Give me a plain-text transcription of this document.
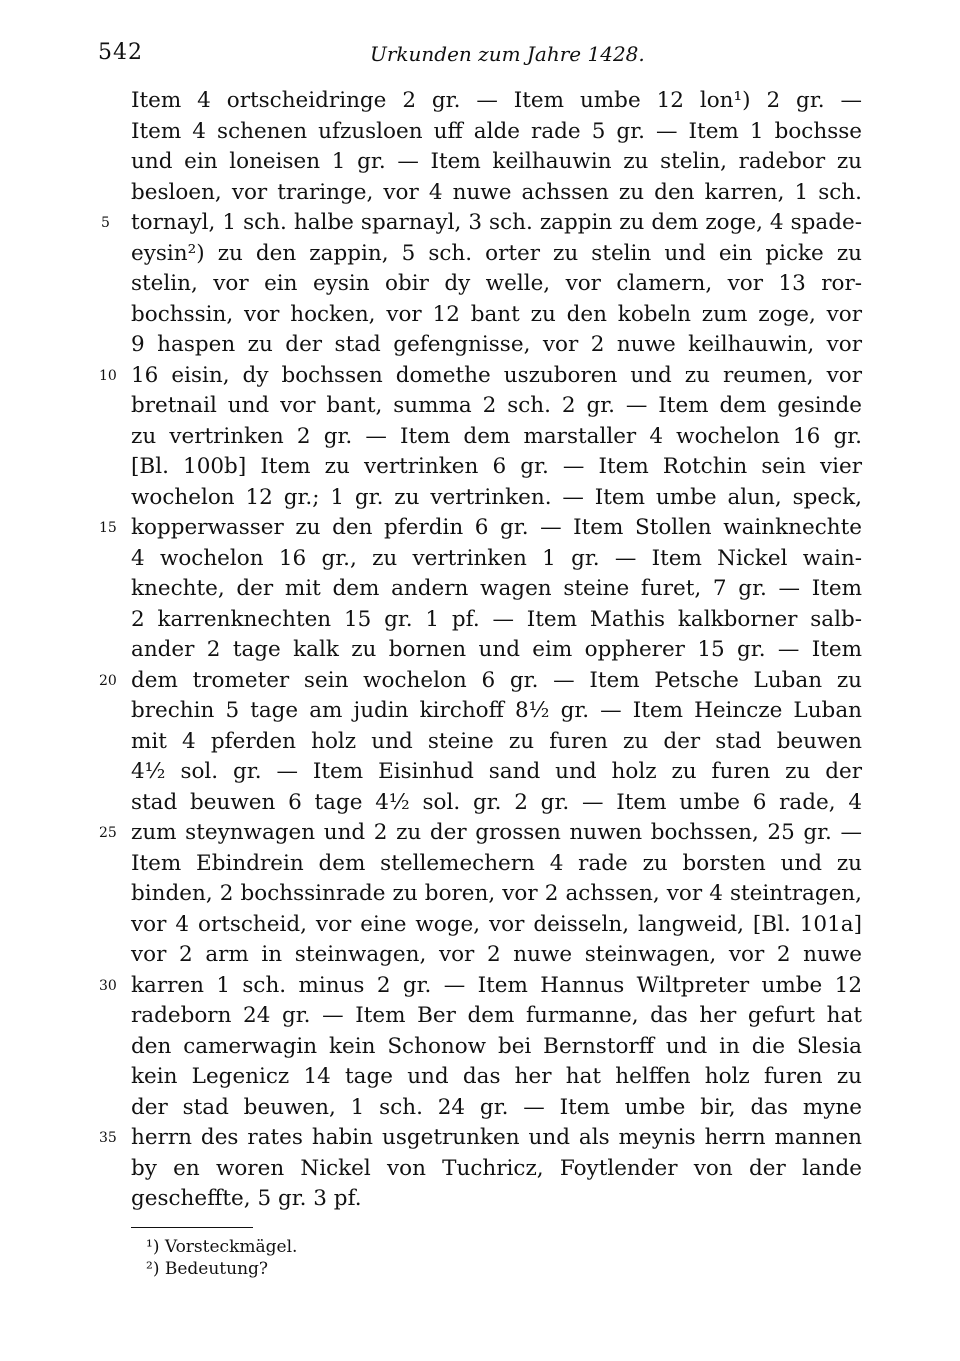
542	Urkunden zum Jahre 1428.
Item 4 ortscheidringe 2 gr. — Item umbe 12 lon¹) 2 gr. —
Item 4 schenen ufzusloen uff alde rade 5 gr. — Item 1 bochsse
und ein loneisen 1 gr. — Item keilhauwin zu stelin, radebor zu
besloen, vor traringe, vor 4 nuwe achssen zu den karren, 1 sch.
tornayl, 1 sch. halbe sparnayl, 3 sch. zappin zu dem zoge, 4 spade-
eysin²) zu den zappin, 5 sch. orter zu stelin und ein picke zu
stelin, vor ein eysin obir dy welle, vor clamern, vor 13 ror-
bochssin, vor hocken, vor 12 bant zu den kobeln zum zoge, vor
9 haspen zu der stad gefengnisse, vor 2 nuwe keilhauwin, vor
16 eisin, dy bochssen domethe uszuboren und zu reumen, vor
bretnail und vor bant, summa 2 sch. 2 gr. — Item dem gesinde
zu vertrinken 2 gr. — Item dem marstaller 4 wochelon 16 gr.
[Bl. 100b] Item zu vertrinken 6 gr. — Item Rotchin sein vier
wochelon 12 gr.; 1 gr. zu vertrinken. — Item umbe alun, speck,
kopperwasser zu den pferdin 6 gr. — Item Stollen wainknechte
4 wochelon 16 gr., zu vertrinken 1 gr. — Item Nickel wain-
knechte, der mit dem andern wagen steine furet, 7 gr. — Item
2 karrenknechten 15 gr. 1 pf. — Item Mathis kalkborner salb-
ander 2 tage kalk zu bornen und eim oppherer 15 gr. — Item
dem trometer sein wochelon 6 gr. — Item Petsche Luban zu
brechin 5 tage am judin kirchoff 8½ gr. — Item Heincze Luban
mit 4 pferden holz und steine zu furen zu der stad beuwen
4½ sol. gr. — Item Eisinhud sand und holz zu furen zu der
stad beuwen 6 tage 4½ sol. gr. 2 gr. — Item umbe 6 rade, 4
zum steynwagen und 2 zu der grossen nuwen bochssen, 25 gr. —
Item Ebindrein dem stellemechern 4 rade zu borsten und zu
binden, 2 bochssinrade zu boren, vor 2 achssen, vor 4 steintragen,
vor 4 ortscheid, vor eine woge, vor deisseln, langweid, [Bl. 101a]
vor 2 arm in steinwagen, vor 2 nuwe steinwagen, vor 2 nuwe
karren 1 sch. minus 2 gr. — Item Hannus Wiltpreter umbe 12
radeborn 24 gr. — Item Ber dem furmanne, das her gefurt hat
den camerwagin kein Schonow bei Bernstorff und in die Slesia
kein Legenicz 14 tage und das her hat helffen holz furen zu
der stad beuwen, 1 sch. 24 gr. — Item umbe bir, das myne
herrn des rates habin usgetrunken und als meynis herrn mannen
by en woren Nickel von Tuchricz, Foytlender von der lande
gescheffte, 5 gr. 3 pf.
5
10
15
20
25
30
35
¹) Vorsteckmägel.
²) Bedeutung?
